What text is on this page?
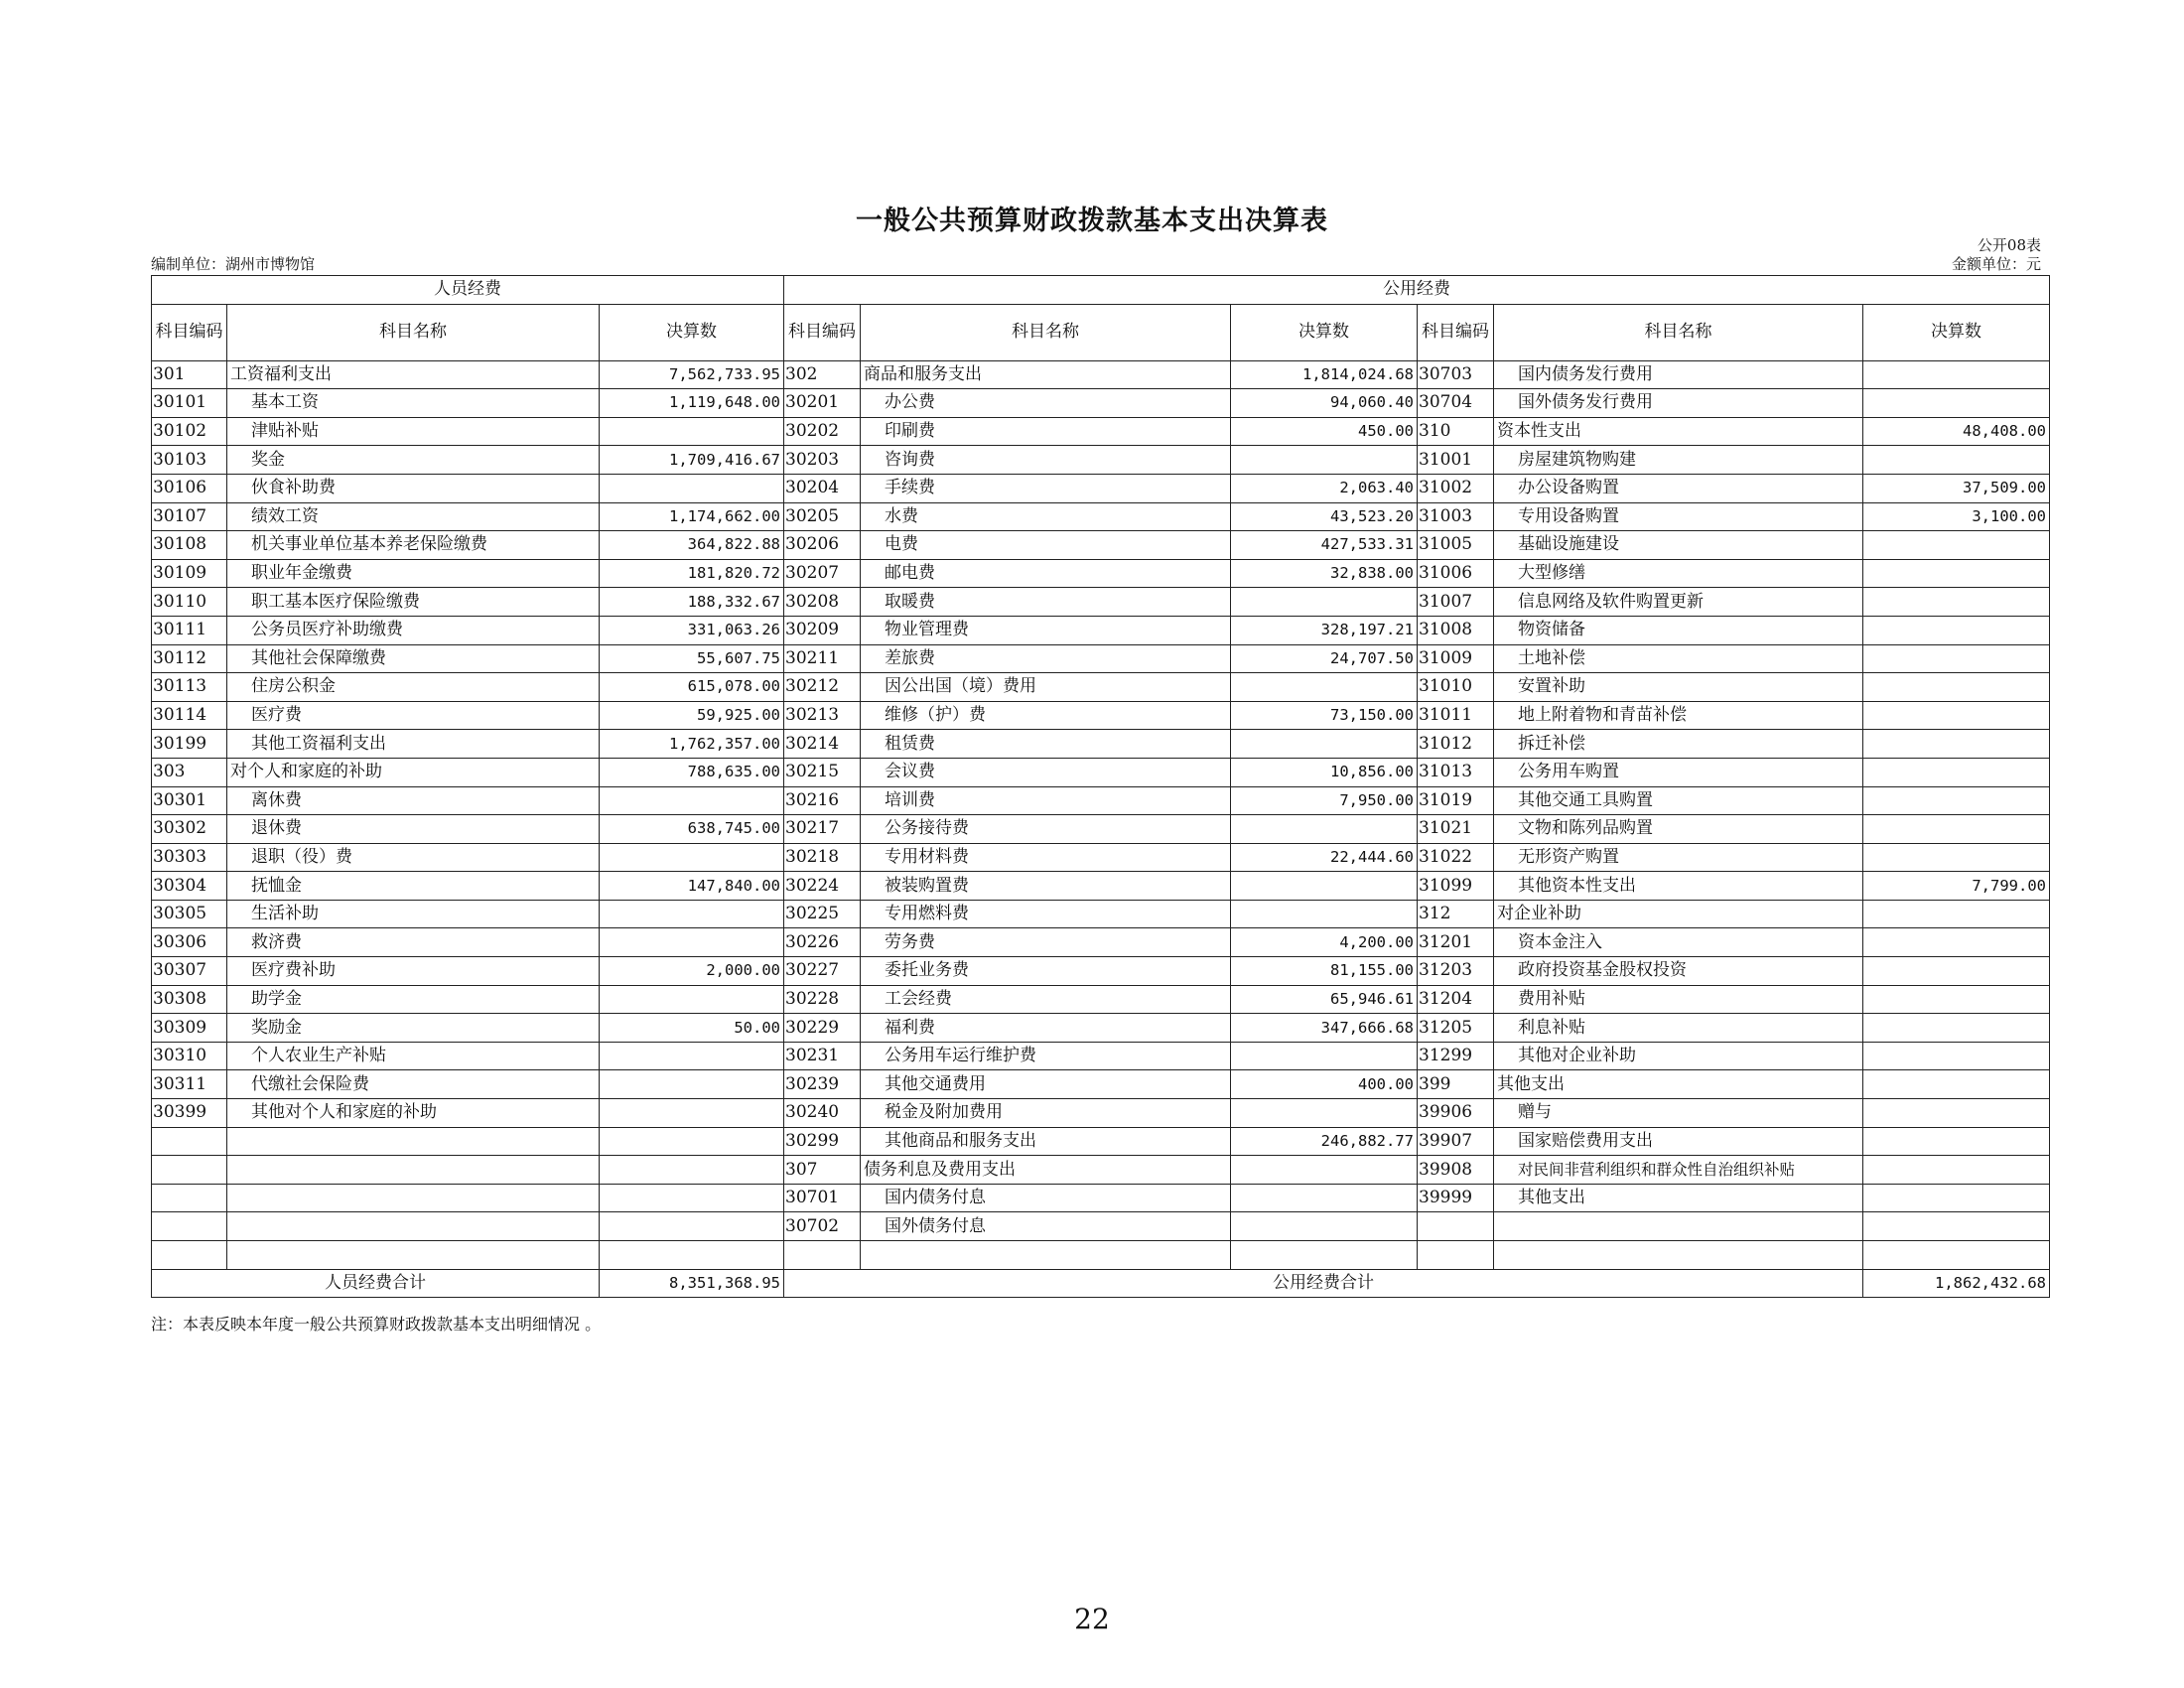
一般公共预算财政拨款基本支出决算表
公开08表
编制单位：湖州市博物馆	金额单位：元
人员经费			公用经费					
科目编码	科目名称	决算数	科目编码	科目名称	决算数	科目编码	科目名称	决算数
301	工资福利支出	7,562,733.95	302	商品和服务支出	1,814,024.68	30703	国内债务发行费用	
30101	基本工资	1,119,648.00	30201	办公费	94,060.40	30704	国外债务发行费用	
30102	津贴补贴		30202	印刷费	450.00	310	资本性支出	48,408.00
30103	奖金	1,709,416.67	30203	咨询费		31001	房屋建筑物购建	
30106	伙食补助费		30204	手续费	2,063.40	31002	办公设备购置	37,509.00
30107	绩效工资	1,174,662.00	30205	水费	43,523.20	31003	专用设备购置	3,100.00
30108	机关事业单位基本养老保险缴费	364,822.88	30206	电费	427,533.31	31005	基础设施建设	
30109	职业年金缴费	181,820.72	30207	邮电费	32,838.00	31006	大型修缮	
30110	职工基本医疗保险缴费	188,332.67	30208	取暖费		31007	信息网络及软件购置更新	
30111	公务员医疗补助缴费	331,063.26	30209	物业管理费	328,197.21	31008	物资储备	
30112	其他社会保障缴费	55,607.75	30211	差旅费	24,707.50	31009	土地补偿	
30113	住房公积金	615,078.00	30212	因公出国（境）费用		31010	安置补助	
30114	医疗费	59,925.00	30213	维修（护）费	73,150.00	31011	地上附着物和青苗补偿	
30199	其他工资福利支出	1,762,357.00	30214	租赁费		31012	拆迁补偿	
303	对个人和家庭的补助	788,635.00	30215	会议费	10,856.00	31013	公务用车购置	
30301	离休费		30216	培训费	7,950.00	31019	其他交通工具购置	
30302	退休费	638,745.00	30217	公务接待费		31021	文物和陈列品购置	
30303	退职（役）费		30218	专用材料费	22,444.60	31022	无形资产购置	
30304	抚恤金	147,840.00	30224	被装购置费		31099	其他资本性支出	7,799.00
30305	生活补助		30225	专用燃料费		312	对企业补助	
30306	救济费		30226	劳务费	4,200.00	31201	资本金注入	
30307	医疗费补助	2,000.00	30227	委托业务费	81,155.00	31203	政府投资基金股权投资	
30308	助学金		30228	工会经费	65,946.61	31204	费用补贴	
30309	奖励金	50.00	30229	福利费	347,666.68	31205	利息补贴	
30310	个人农业生产补贴		30231	公务用车运行维护费		31299	其他对企业补助	
30311	代缴社会保险费		30239	其他交通费用	400.00	399	其他支出	
30399	其他对个人和家庭的补助		30240	税金及附加费用		39906	赠与	
			30299	其他商品和服务支出	246,882.77	39907	国家赔偿费用支出	
			307	债务利息及费用支出		39908	对民间非营利组织和群众性自治组织补贴	
			30701	国内债务付息		39999	其他支出	
			30702	国外债务付息				

人员经费合计		8,351,368.95	公用经费合计					1,862,432.68
注：本表反映本年度一般公共预算财政拨款基本支出明细情况 。
22
